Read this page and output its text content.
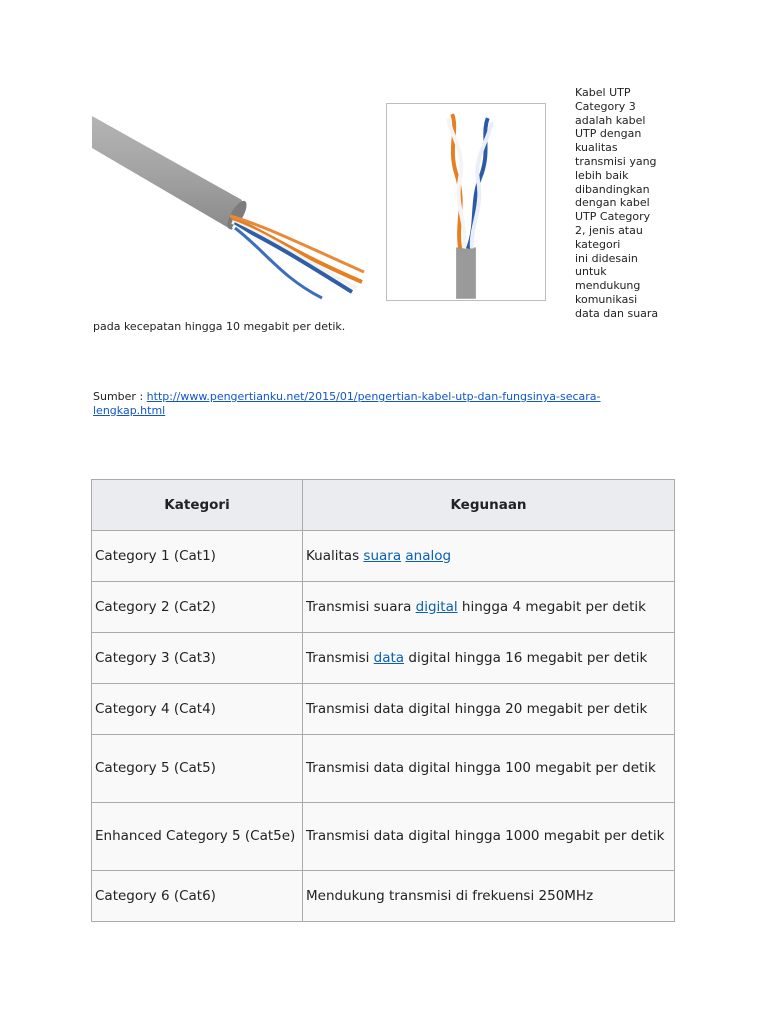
Kabel UTP
Category 3
adalah kabel
UTP dengan
kualitas
transmisi yang
lebih baik
dibandingkan
dengan kabel
UTP Category
2, jenis atau
kategori
ini didesain
untuk
mendukung
komunikasi
data dan suara
pada kecepatan hingga 10 megabit per detik.
Sumber : http://www.pengertianku.net/2015/01/pengertian-kabel-utp-dan-fungsinya-secara-lengkap.html
Kategori	Kegunaan
Category 1 (Cat1)	Kualitas suara analog
Category 2 (Cat2)	Transmisi suara digital hingga 4 megabit per detik
Category 3 (Cat3)	Transmisi data digital hingga 16 megabit per detik
Category 4 (Cat4)	Transmisi data digital hingga 20 megabit per detik
Category 5 (Cat5)	Transmisi data digital hingga 100 megabit per detik
Enhanced Category 5 (Cat5e)	Transmisi data digital hingga 1000 megabit per detik
Category 6 (Cat6)	Mendukung transmisi di frekuensi 250MHz
